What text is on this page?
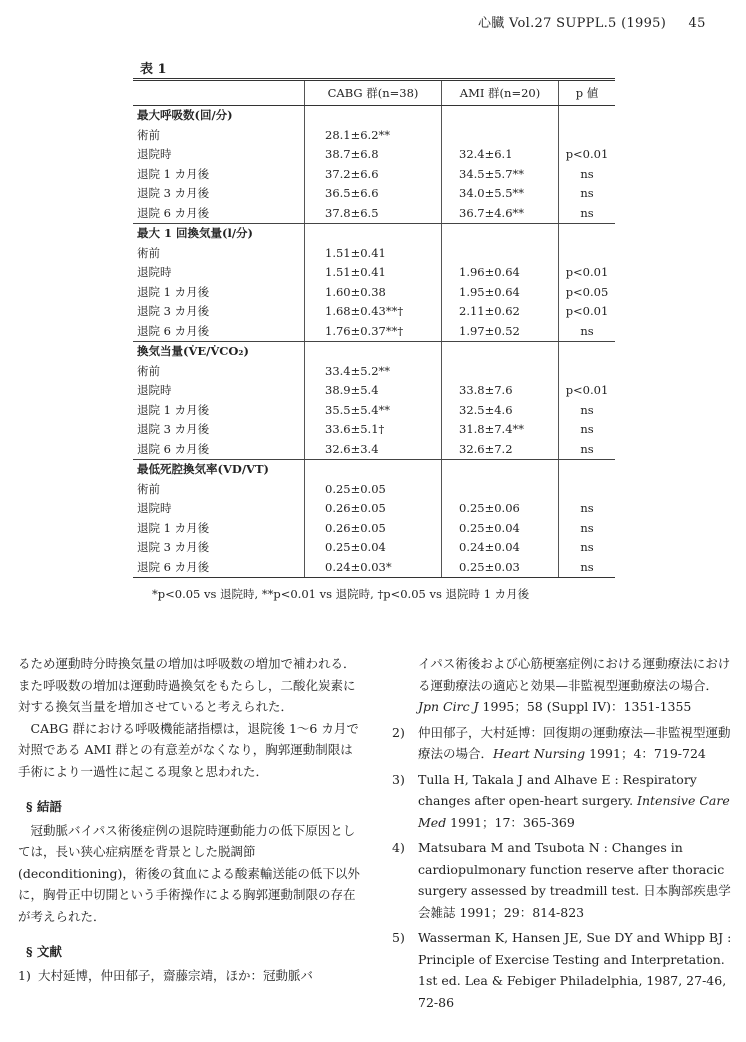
心臓 Vol.27 SUPPL.5 (1995) 45
表 1
	CABG 群(n=38)	AMI 群(n=20)	p 値
最大呼吸数(回/分)			
術前	28.1±6.2**		
退院時	38.7±6.8	32.4±6.1	p<0.01
退院 1 カ月後	37.2±6.6	34.5±5.7**	ns
退院 3 カ月後	36.5±6.6	34.0±5.5**	ns
退院 6 カ月後	37.8±6.5	36.7±4.6**	ns
最大 1 回換気量(l/分)			
術前	1.51±0.41		
退院時	1.51±0.41	1.96±0.64	p<0.01
退院 1 カ月後	1.60±0.38	1.95±0.64	p<0.05
退院 3 カ月後	1.68±0.43**†	2.11±0.62	p<0.01
退院 6 カ月後	1.76±0.37**†	1.97±0.52	ns
換気当量(V̇E/V̇CO₂)			
術前	33.4±5.2**		
退院時	38.9±5.4	33.8±7.6	p<0.01
退院 1 カ月後	35.5±5.4**	32.5±4.6	ns
退院 3 カ月後	33.6±5.1†	31.8±7.4**	ns
退院 6 カ月後	32.6±3.4	32.6±7.2	ns
最低死腔換気率(VD/VT)			
術前	0.25±0.05		
退院時	0.26±0.05	0.25±0.06	ns
退院 1 カ月後	0.26±0.05	0.25±0.04	ns
退院 3 カ月後	0.25±0.04	0.24±0.04	ns
退院 6 カ月後	0.24±0.03*	0.25±0.03	ns
*p<0.05 vs 退院時, **p<0.01 vs 退院時, †p<0.05 vs 退院時 1 カ月後

るため運動時分時換気量の増加は呼吸数の増加で補われる．また呼吸数の増加は運動時過換気をもたらし，二酸化炭素に対する換気当量を増加させていると考えられた．

CABG 群における呼吸機能諸指標は，退院後 1～6 カ月で対照である AMI 群との有意差がなくなり，胸郭運動制限は手術により一過性に起こる現象と思われた．

§ 結語

冠動脈バイパス術後症例の退院時運動能力の低下原因としては，長い狭心症病歴を背景とした脱調節 (deconditioning)，術後の貧血による酸素輸送能の低下以外に，胸骨正中切開という手術操作による胸郭運動制限の存在が考えられた．

§ 文献
1) 大村延博，仲田郁子，齋藤宗靖，ほか：冠動脈バ
イパス術後および心筋梗塞症例における運動療法における運動療法の適応と効果—非監視型運動療法の場合．Jpn Circ J 1995；58 (Suppl IV)：1351-1355
2)	仲田郁子，大村延博：回復期の運動療法—非監視型運動療法の場合．Heart Nursing 1991；4：719-724
3)	Tulla H, Takala J and Alhave E : Respiratory changes after open-heart surgery. Intensive Care Med 1991；17：365-369
4)	Matsubara M and Tsubota N : Changes in cardiopulmonary function reserve after thoracic surgery assessed by treadmill test. 日本胸部疾患学会雑誌 1991；29：814-823
5)	Wasserman K, Hansen JE, Sue DY and Whipp BJ : Principle of Exercise Testing and Interpretation. 1st ed. Lea & Febiger Philadelphia, 1987, 27-46, 72-86
